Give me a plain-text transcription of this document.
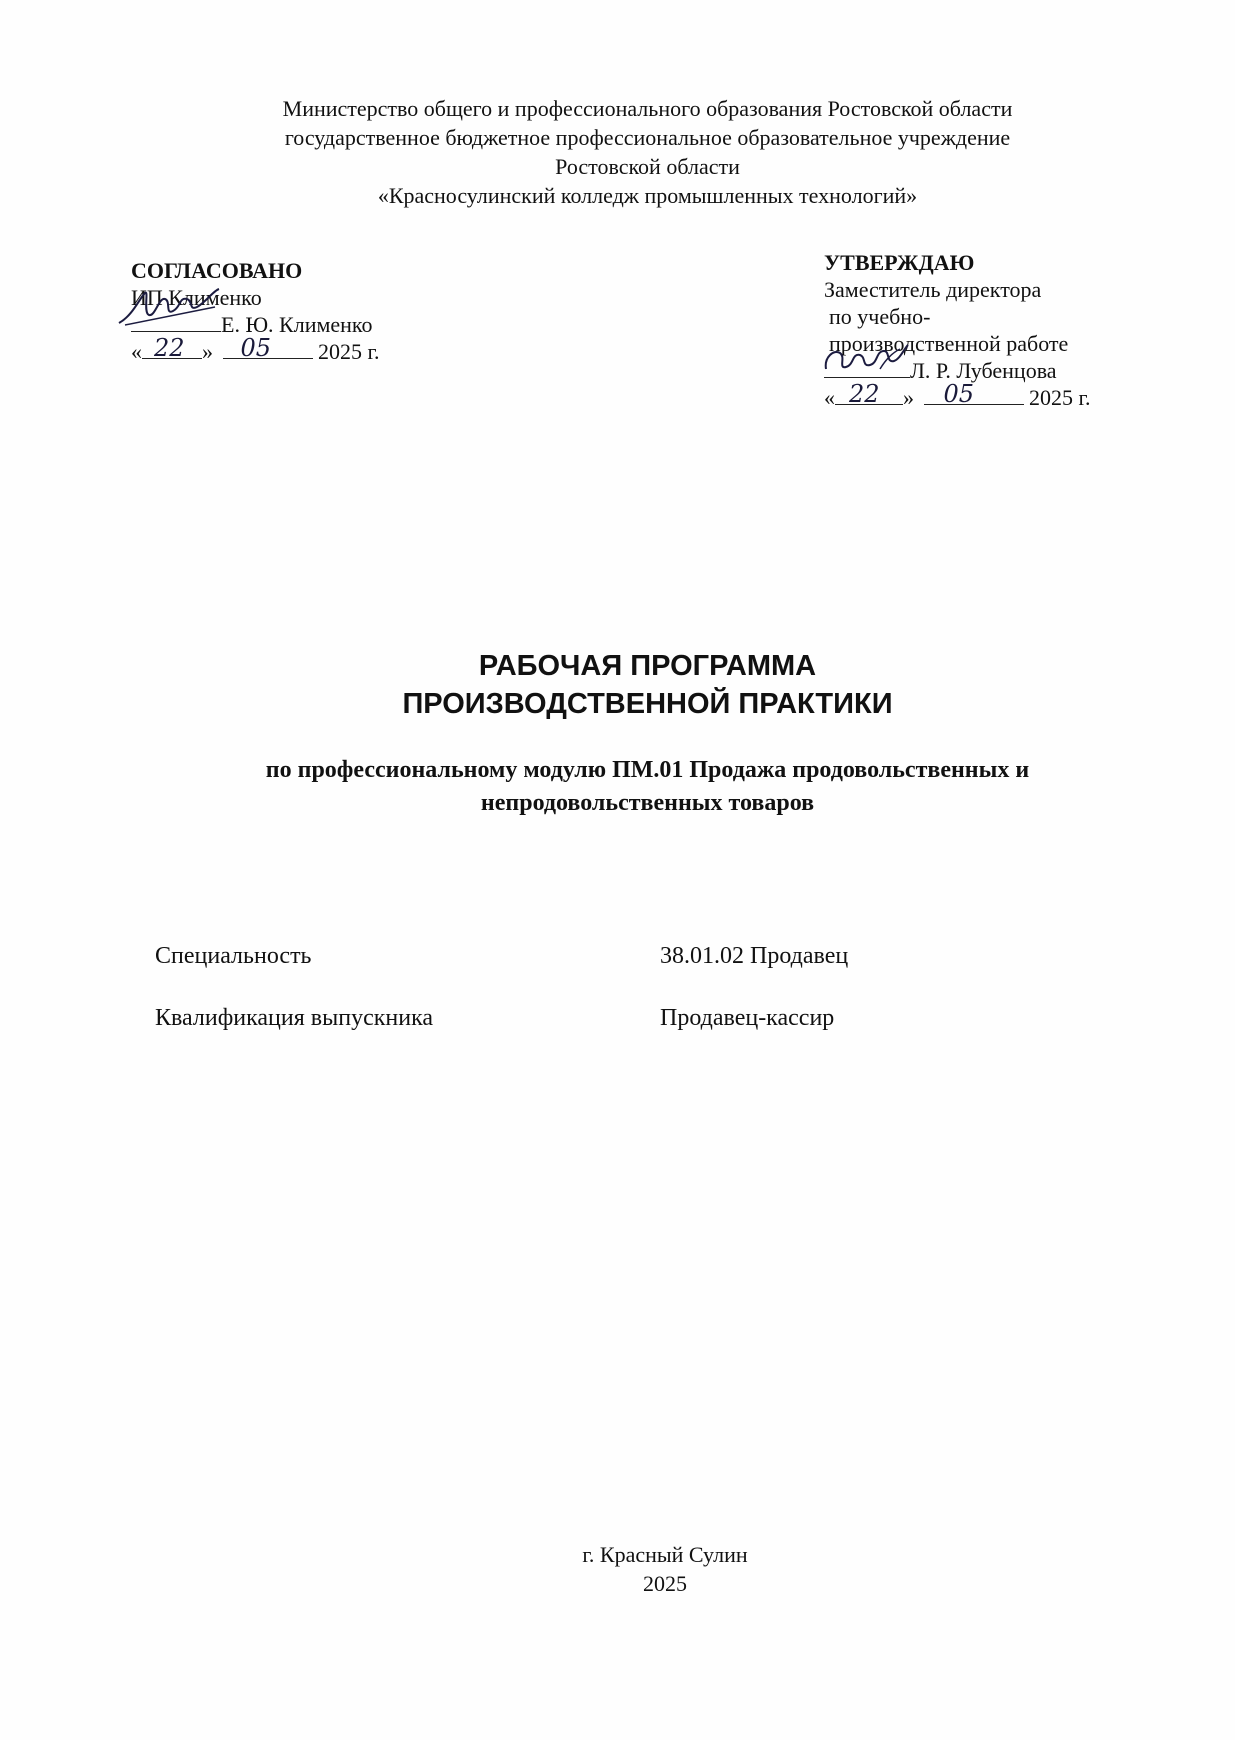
Министерство общего и профессионального образования Ростовской области
государственное бюджетное профессиональное образовательное учреждение
Ростовской области
«Красносулинский колледж промышленных технологий»
СОГЛАСОВАНО
ИП Клименко
Е. Ю. Клименко
« 22 » 05 2025 г.
УТВЕРЖДАЮ
Заместитель директора
по учебно-
производственной работе
Л. Р. Лубенцова
« 22 » 05 2025 г.
РАБОЧАЯ ПРОГРАММА
ПРОИЗВОДСТВЕННОЙ ПРАКТИКИ
по профессиональному модулю ПМ.01 Продажа продовольственных и
непродовольственных товаров
Специальность	38.01.02 Продавец
Квалификация выпускника	Продавец-кассир
г. Красный Сулин
2025
